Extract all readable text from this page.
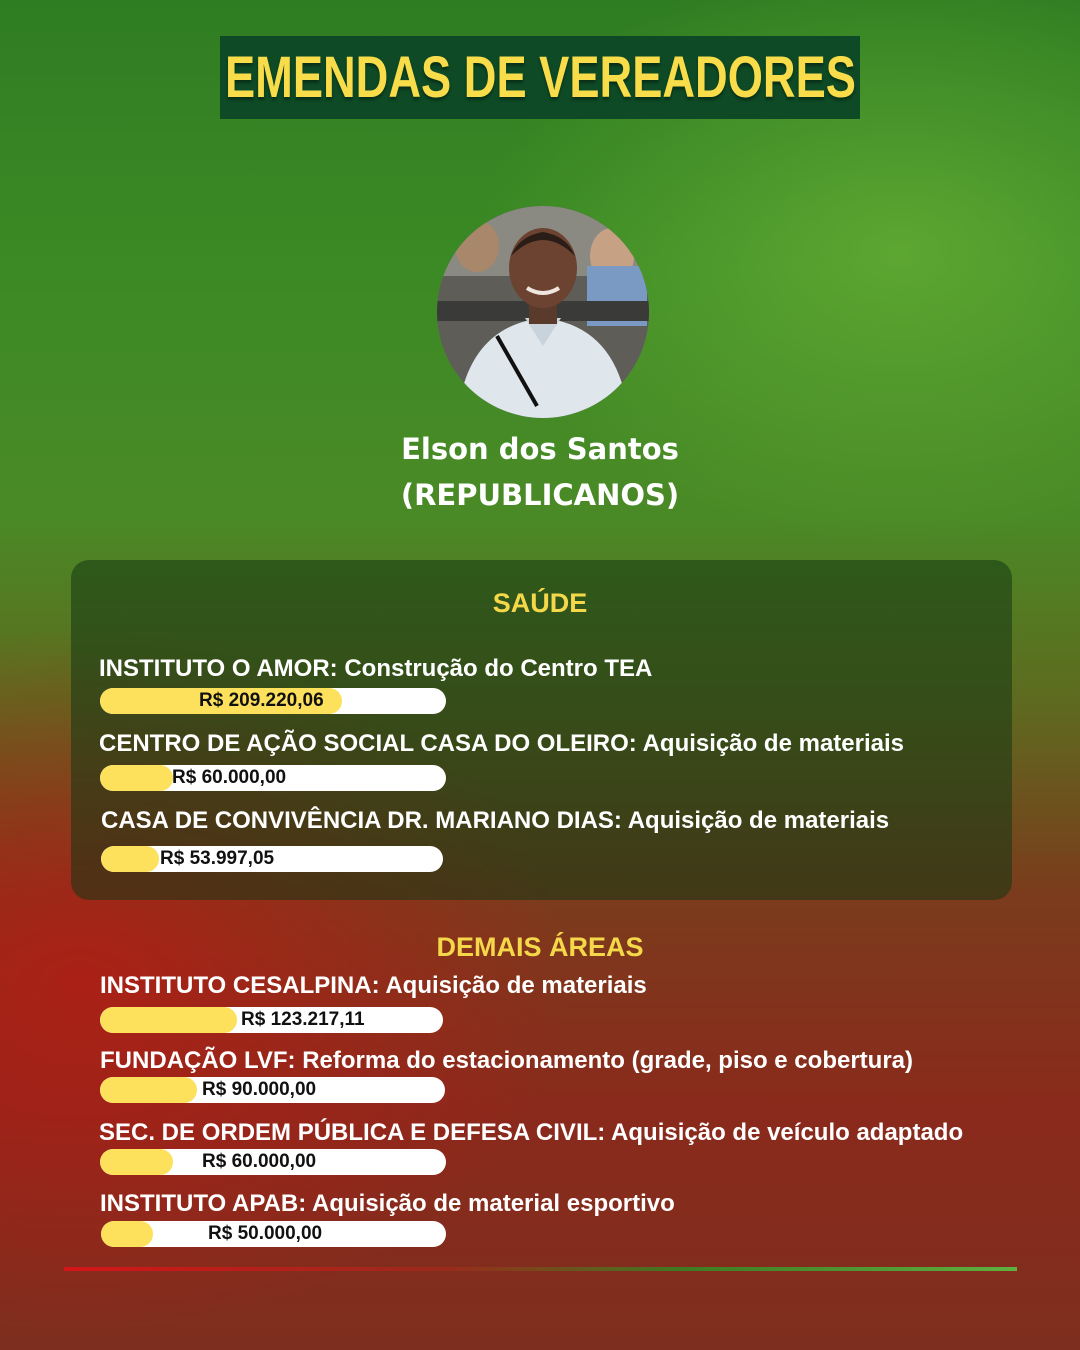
EMENDAS DE VEREADORES
Elson dos Santos
(REPUBLICANOS)
SAÚDE
INSTITUTO O AMOR: Construção do Centro TEA
R$ 209.220,06
CENTRO DE AÇÃO SOCIAL CASA DO OLEIRO: Aquisição de materiais
R$ 60.000,00
CASA DE CONVIVÊNCIA DR. MARIANO DIAS: Aquisição de materiais
R$ 53.997,05
DEMAIS ÁREAS
INSTITUTO CESALPINA: Aquisição de materiais
R$ 123.217,11
FUNDAÇÃO LVF: Reforma do estacionamento (grade, piso e cobertura)
R$ 90.000,00
SEC. DE ORDEM PÚBLICA E DEFESA CIVIL: Aquisição de veículo adaptado
R$ 60.000,00
INSTITUTO APAB: Aquisição de material esportivo
R$ 50.000,00
